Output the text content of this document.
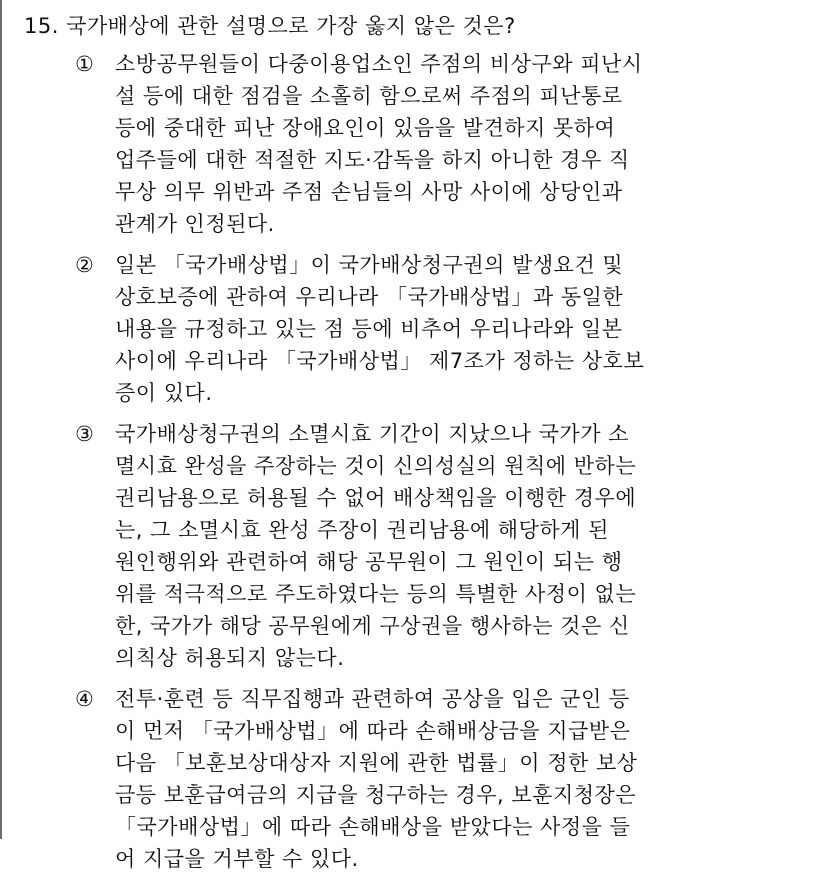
15. 국가배상에 관한 설명으로 가장 옳지 않은 것은?
① 소방공무원들이 다중이용업소인 주점의 비상구와 피난시
설 등에 대한 점검을 소홀히 함으로써 주점의 피난통로
등에 중대한 피난 장애요인이 있음을 발견하지 못하여
업주들에 대한 적절한 지도·감독을 하지 아니한 경우 직
무상 의무 위반과 주점 손님들의 사망 사이에 상당인과
관계가 인정된다.
② 일본 「국가배상법」이 국가배상청구권의 발생요건 및
상호보증에 관하여 우리나라 「국가배상법」과 동일한
내용을 규정하고 있는 점 등에 비추어 우리나라와 일본
사이에 우리나라 「국가배상법」 제7조가 정하는 상호보
증이 있다.
③ 국가배상청구권의 소멸시효 기간이 지났으나 국가가 소
멸시효 완성을 주장하는 것이 신의성실의 원칙에 반하는
권리남용으로 허용될 수 없어 배상책임을 이행한 경우에
는, 그 소멸시효 완성 주장이 권리남용에 해당하게 된
원인행위와 관련하여 해당 공무원이 그 원인이 되는 행
위를 적극적으로 주도하였다는 등의 특별한 사정이 없는
한, 국가가 해당 공무원에게 구상권을 행사하는 것은 신
의칙상 허용되지 않는다.
④ 전투·훈련 등 직무집행과 관련하여 공상을 입은 군인 등
이 먼저 「국가배상법」에 따라 손해배상금을 지급받은
다음 「보훈보상대상자 지원에 관한 법률」이 정한 보상
금등 보훈급여금의 지급을 청구하는 경우, 보훈지청장은
「국가배상법」에 따라 손해배상을 받았다는 사정을 들
어 지급을 거부할 수 있다.
